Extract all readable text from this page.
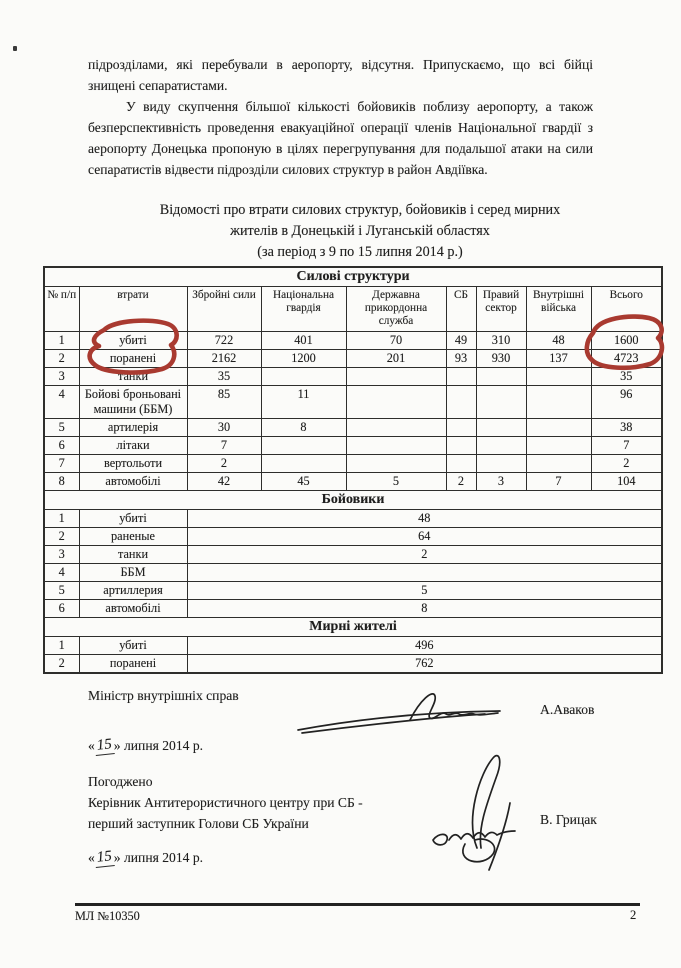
підрозділами, які перебували в аеропорту, відсутня. Припускаємо, що всі бійці знищені сепаратистами.

У виду скупчення більшої кількості бойовиків поблизу аеропорту, а також безперспективність проведення евакуаційної операції членів Національної гвардії з аеропорту Донецька пропоную в цілях перегрупування для подальшої атаки на сили сепаратистів відвести підрозділи силових структур в район Авдіївка.

Відомості про втрати силових структур, бойовиків і серед мирних
жителів в Донецькій і Луганській областях
(за період з 9 по 15 липня 2014 р.)
Силові структури								
№ п/п	втрати	Збройні сили	Національна гвардія	Державна прикордонна служба	СБ	Правий сектор	Внутрішні війська	Всього
1	убиті	722	401	70	49	310	48	1600
2	поранені	2162	1200	201	93	930	137	4723
3	танки	35						35
4	Бойові броньовані машини (ББМ)	85	11					96
5	артилерія	30	8					38
6	літаки	7						7
7	вертольоти	2						2
8	автомобілі	42	45	5	2	3	7	104
Бойовики								
1	убиті	48						
2	раненые	64						
3	танки	2						
4	ББМ							
5	артиллерия	5						
6	автомобілі	8						
Мирні жителі								
1	убиті	496						
2	поранені	762						
Міністр внутрішніх справ
А.Аваков
«15» липня 2014 р.
Погоджено
Керівник Антитерористичного центру при СБ -
перший заступник Голови СБ України	В. Грицак
«15» липня 2014 р.
МЛ №10350	2
